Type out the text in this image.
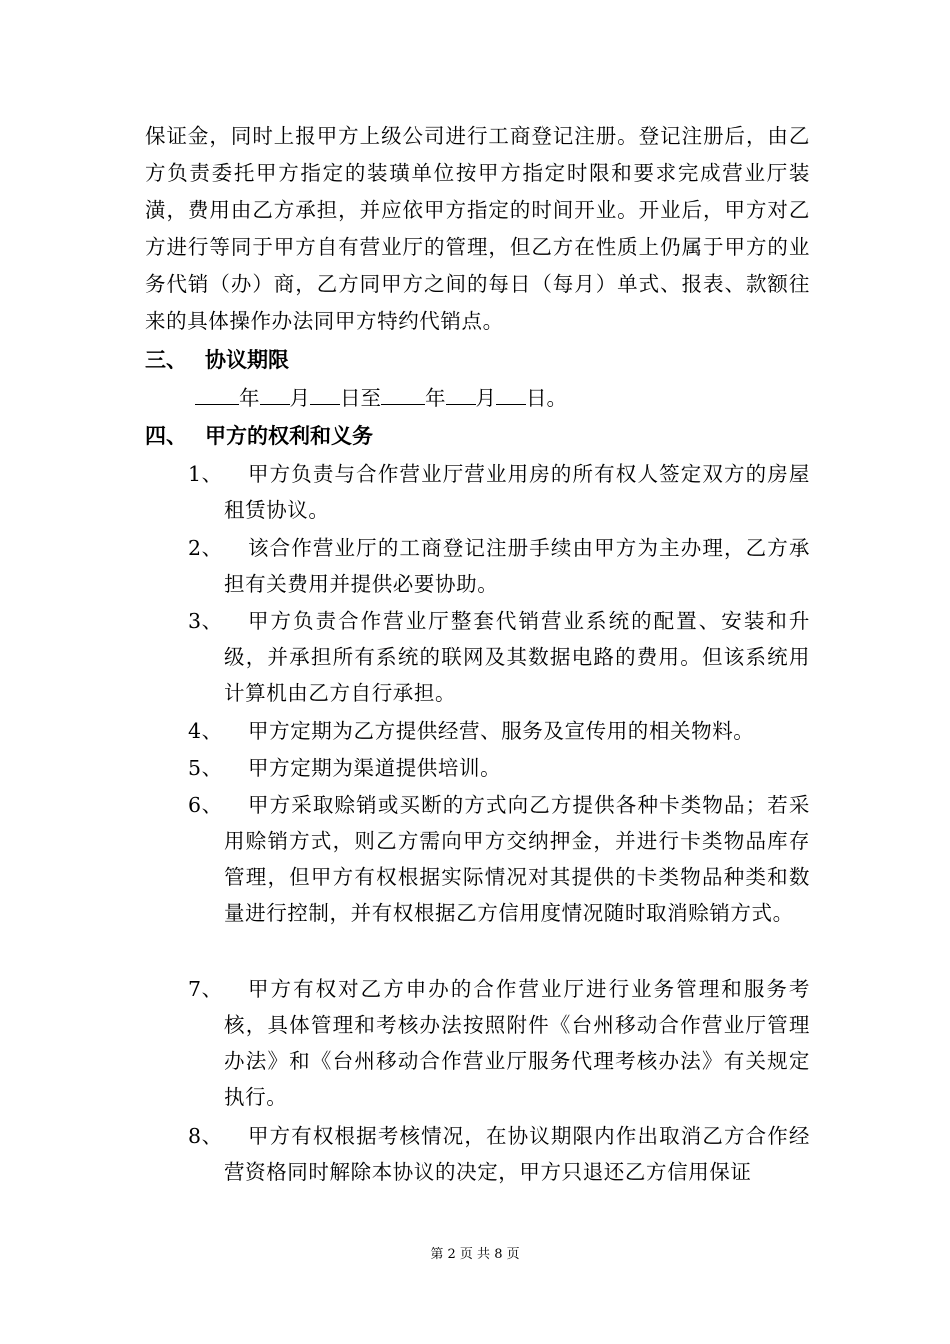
保证金，同时上报甲方上级公司进行工商登记注册。登记注册后，由乙方负责委托甲方指定的装璜单位按甲方指定时限和要求完成营业厅装潢，费用由乙方承担，并应依甲方指定的时间开业。开业后，甲方对乙方进行等同于甲方自有营业厅的管理，但乙方在性质上仍属于甲方的业务代销（办）商，乙方同甲方之间的每日（每月）单式、报表、款额往来的具体操作办法同甲方特约代销点。
三、 协议期限
年 月 日至 年 月 日。
四、 甲方的权利和义务
1、	甲方负责与合作营业厅营业用房的所有权人签定双方的房屋租赁协议。
2、	该合作营业厅的工商登记注册手续由甲方为主办理，乙方承担有关费用并提供必要协助。
3、	甲方负责合作营业厅整套代销营业系统的配置、安装和升级，并承担所有系统的联网及其数据电路的费用。但该系统用计算机由乙方自行承担。
4、	甲方定期为乙方提供经营、服务及宣传用的相关物料。
5、	甲方定期为渠道提供培训。
6、	甲方采取赊销或买断的方式向乙方提供各种卡类物品；若采用赊销方式，则乙方需向甲方交纳押金，并进行卡类物品库存管理，但甲方有权根据实际情况对其提供的卡类物品种类和数量进行控制，并有权根据乙方信用度情况随时取消赊销方式。
7、	甲方有权对乙方申办的合作营业厅进行业务管理和服务考核，具体管理和考核办法按照附件《台州移动合作营业厅管理办法》和《台州移动合作营业厅服务代理考核办法》有关规定执行。
8、	甲方有权根据考核情况，在协议期限内作出取消乙方合作经营资格同时解除本协议的决定，甲方只退还乙方信用保证
第 2 页 共 8 页
